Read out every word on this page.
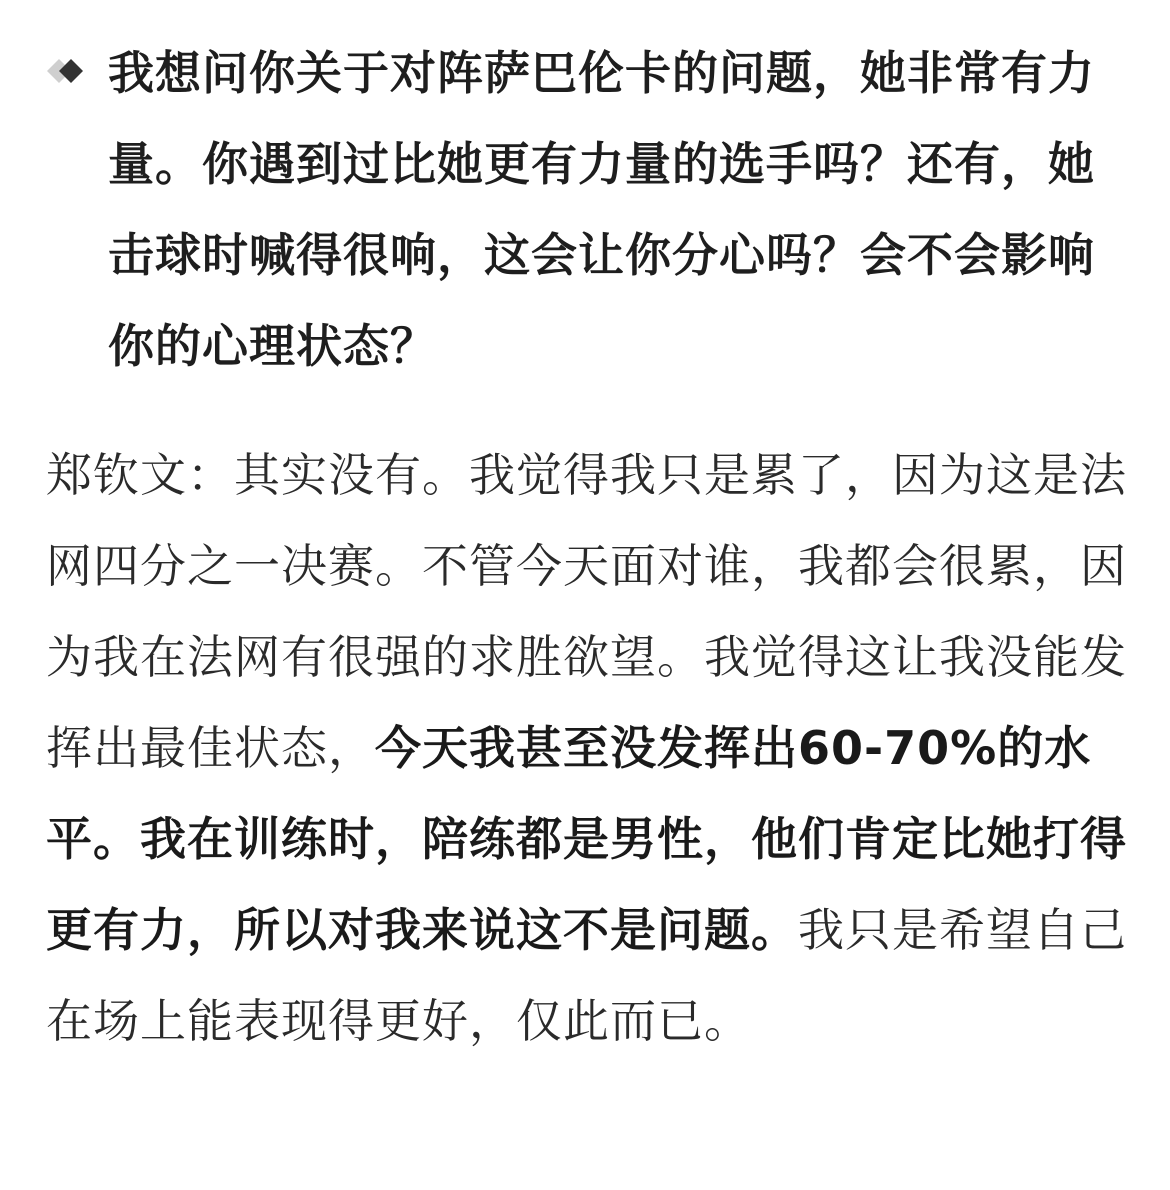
我想问你关于对阵萨巴伦卡的问题，她非常有力量。你遇到过比她更有力量的选手吗？还有，她击球时喊得很响，这会让你分心吗？会不会影响你的心理状态？

郑钦文：其实没有。我觉得我只是累了，因为这是法网四分之一决赛。不管今天面对谁，我都会很累，因为我在法网有很强的求胜欲望。我觉得这让我没能发挥出最佳状态，今天我甚至没发挥出60-70%的水平。我在训练时，陪练都是男性，他们肯定比她打得更有力，所以对我来说这不是问题。我只是希望自己在场上能表现得更好，仅此而已。
